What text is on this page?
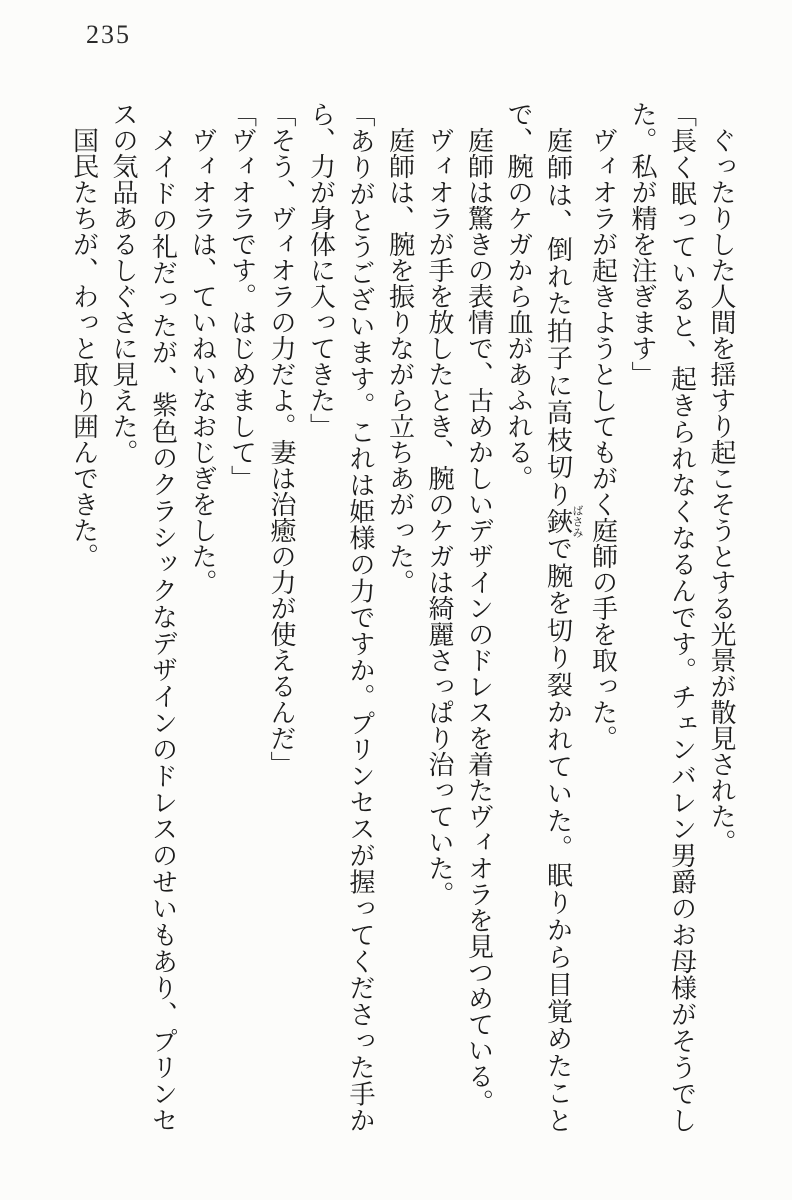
235

ぐったりした人間を揺すり起こそうとする光景が散見された。

「長く眠っていると、起きられなくなるんです。チェンバレン男爵のお母様がそうでした。私が精を注ぎます」

ヴィオラが起きようとしてもがく庭師の手を取った。

庭師は、倒れた拍子に高枝切り鋏ばさみで腕を切り裂かれていた。眠りから目覚めたことで、腕のケガから血があふれる。

庭師は驚きの表情で、古めかしいデザインのドレスを着たヴィオラを見つめている。

ヴィオラが手を放したとき、腕のケガは綺麗さっぱり治っていた。

庭師は、腕を振りながら立ちあがった。

「ありがとうございます。これは姫様の力ですか。プリンセスが握ってくださった手から、力が身体に入ってきた」

「そう、ヴィオラの力だよ。妻は治癒の力が使えるんだ」

「ヴィオラです。はじめまして」

ヴィオラは、ていねいなおじぎをした。

メイドの礼だったが、紫色のクラシックなデザインのドレスのせいもあり、プリンセスの気品あるしぐさに見えた。

国民たちが、わっと取り囲んできた。
